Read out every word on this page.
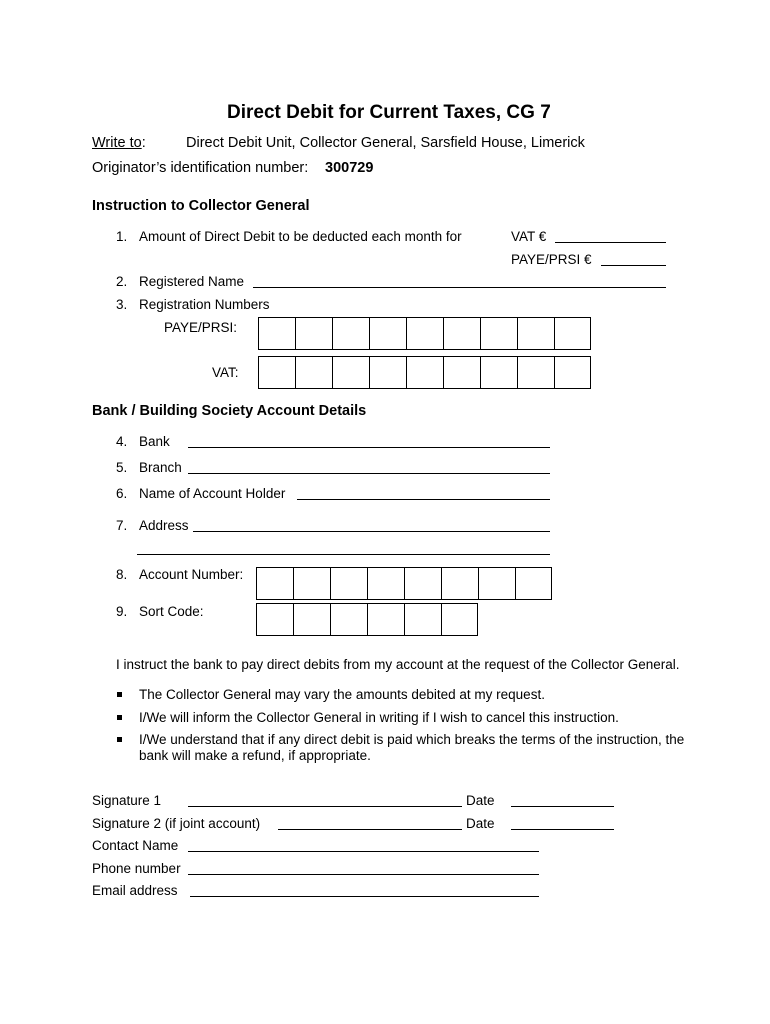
Direct Debit for Current Taxes, CG 7
Write to:	Direct Debit Unit, Collector General, Sarsfield House, Limerick
Originator’s identification number: 300729
Instruction to Collector General
1. Amount of Direct Debit to be deducted each month for	VAT €
PAYE/PRSI €
2. Registered Name
3. Registration Numbers
PAYE/PRSI:
VAT:
Bank / Building Society Account Details
4. Bank
5. Branch
6. Name of Account Holder
7. Address
8. Account Number:
9. Sort Code:
I instruct the bank to pay direct debits from my account at the request of the Collector General.
The Collector General may vary the amounts debited at my request.
I/We will inform the Collector General in writing if I wish to cancel this instruction.
I/We understand that if any direct debit is paid which breaks the terms of the instruction, the
bank will make a refund, if appropriate.
Signature 1	Date
Signature 2 (if joint account)	Date
Contact Name
Phone number
Email address
